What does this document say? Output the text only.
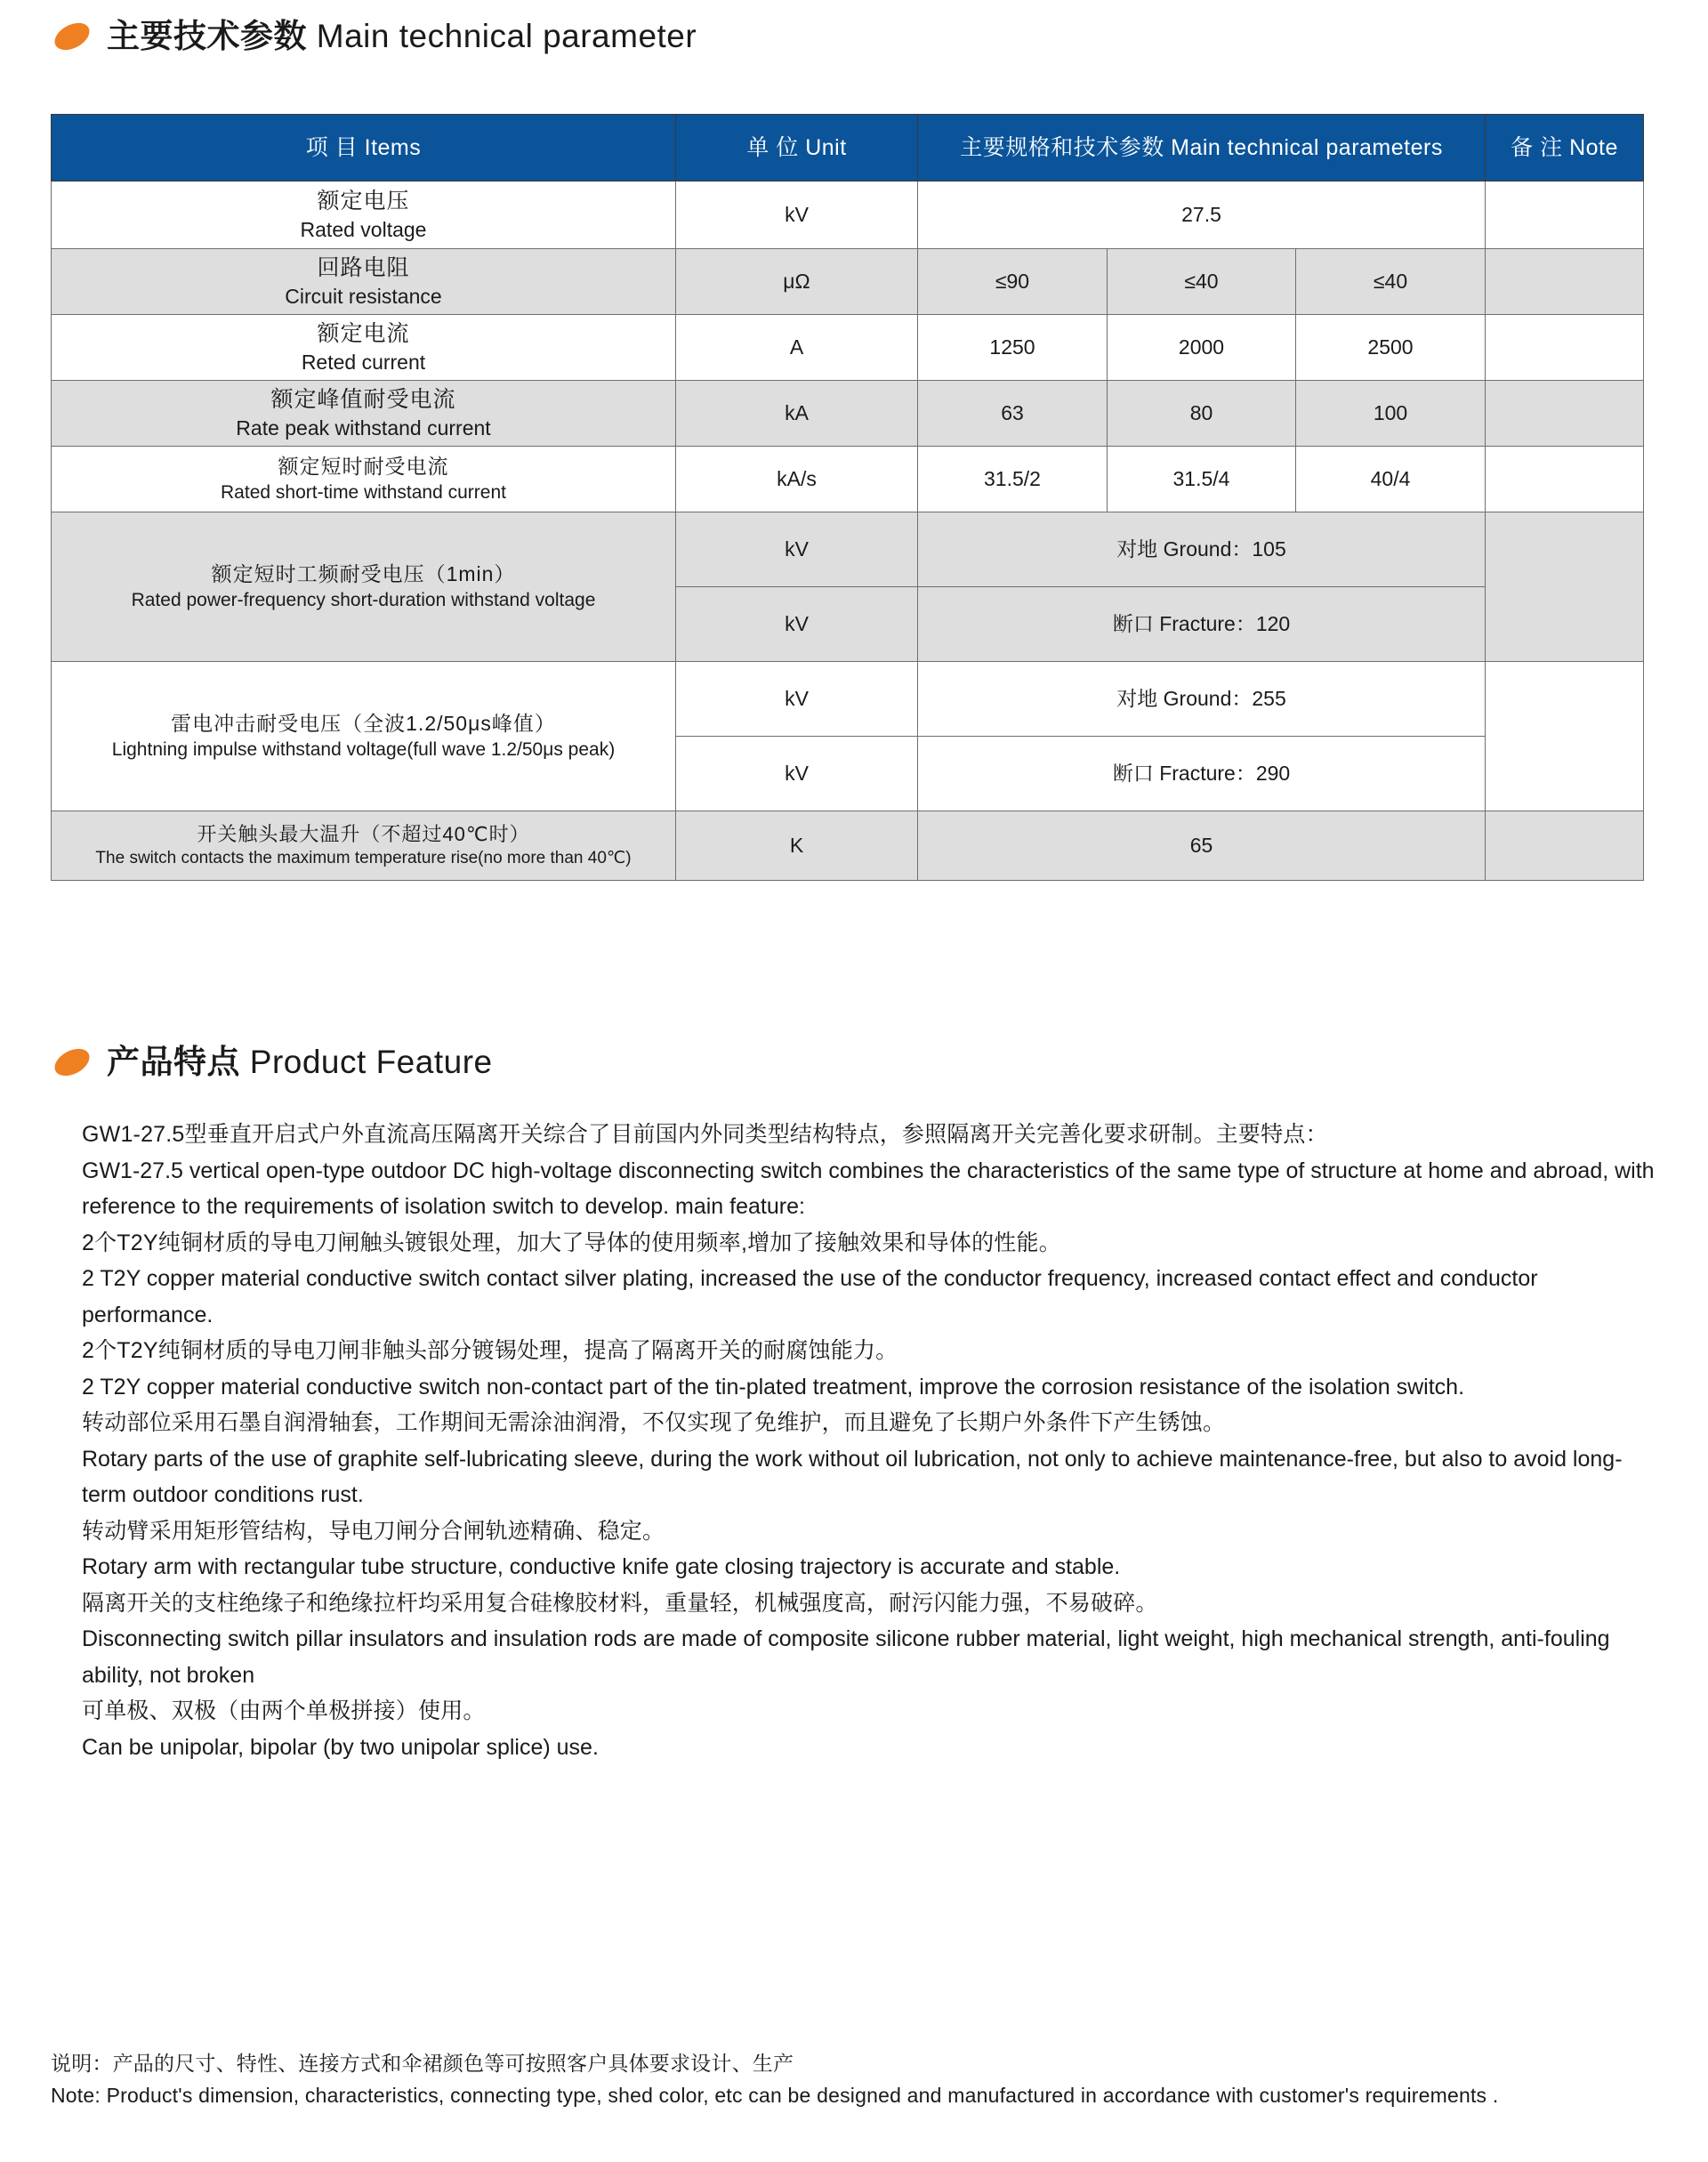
主要技术参数 Main technical parameter
项 目 Items	单 位 Unit	主要规格和技术参数 Main technical parameters			备 注 Note

额定电压
Rated voltage	kV	27.5			

回路电阻
Circuit resistance	μΩ	≤90	≤40	≤40	

额定电流
Reted current	A	1250	2000	2500	

额定峰值耐受电流
Rate peak withstand current	kA	63	80	100	

额定短时耐受电流
Rated short-time withstand current	kA/s	31.5/2	31.5/4	40/4	

额定短时工频耐受电压（1min）
Rated power-frequency short-duration withstand voltage	kV	对地 Ground：105			
	kV	断口 Fracture：120			

雷电冲击耐受电压（全波1.2/50μs峰值）
Lightning impulse withstand voltage(full wave 1.2/50μs peak)	kV	对地 Ground：255			
	kV	断口 Fracture：290			

开关触头最大温升（不超过40℃时）
The switch contacts the maximum temperature rise(no more than 40℃)	K	65			
产品特点 Product Feature

GW1-27.5型垂直开启式户外直流高压隔离开关综合了目前国内外同类型结构特点，参照隔离开关完善化要求研制。主要特点：

GW1-27.5 vertical open-type outdoor DC high-voltage disconnecting switch combines the characteristics of the same type of structure at home and abroad, with reference to the requirements of isolation switch to develop. main feature:

2个T2Y纯铜材质的导电刀闸触头镀银处理，加大了导体的使用频率,增加了接触效果和导体的性能。

2 T2Y copper material conductive switch contact silver plating, increased the use of the conductor frequency, increased contact effect and conductor performance.

2个T2Y纯铜材质的导电刀闸非触头部分镀锡处理，提高了隔离开关的耐腐蚀能力。

2 T2Y copper material conductive switch non-contact part of the tin-plated treatment, improve the corrosion resistance of the isolation switch.

转动部位采用石墨自润滑轴套，工作期间无需涂油润滑，不仅实现了免维护，而且避免了长期户外条件下产生锈蚀。

Rotary parts of the use of graphite self-lubricating sleeve, during the work without oil lubrication, not only to achieve maintenance-free, but also to avoid long-term outdoor conditions rust.

转动臂采用矩形管结构，导电刀闸分合闸轨迹精确、稳定。

Rotary arm with rectangular tube structure, conductive knife gate closing trajectory is accurate and stable.

隔离开关的支柱绝缘子和绝缘拉杆均采用复合硅橡胶材料，重量轻，机械强度高，耐污闪能力强，不易破碎。

Disconnecting switch pillar insulators and insulation rods are made of composite silicone rubber material, light weight, high mechanical strength, anti-fouling ability, not broken

可单极、双极（由两个单极拼接）使用。

Can be unipolar, bipolar (by two unipolar splice) use.

说明：产品的尺寸、特性、连接方式和伞裙颜色等可按照客户具体要求设计、生产

Note: Product's dimension, characteristics, connecting type, shed color, etc can be designed and manufactured in accordance with customer's requirements .
